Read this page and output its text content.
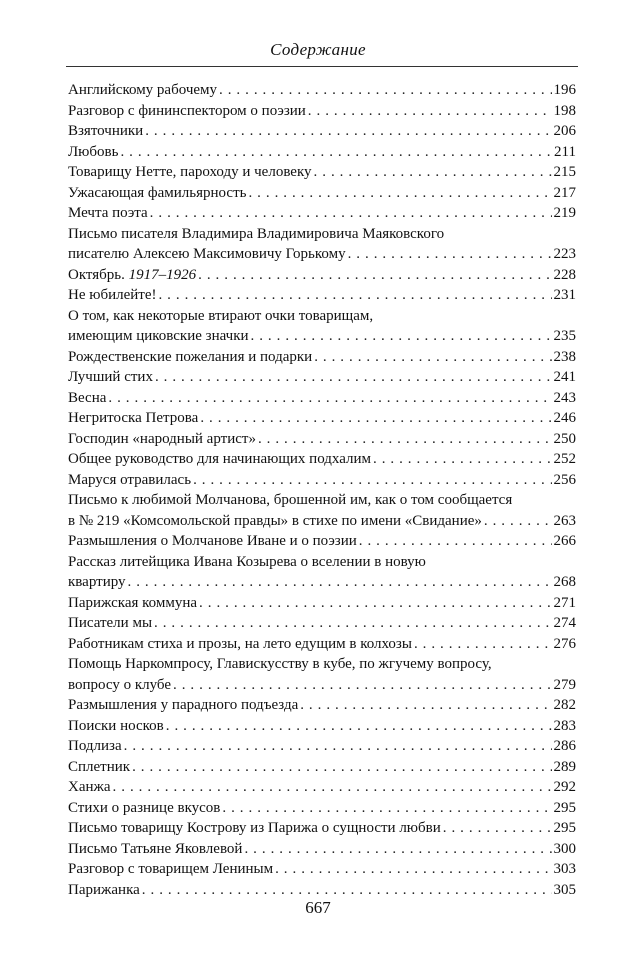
Содержание
Английскому рабочему . . .	196
Разговор с фининспектором о поэзии . . .	198
Взяточники . . .	206
Любовь . . .	211
Товарищу Нетте, пароходу и человеку . . .	215
Ужасающая фамильярность . . .	217
Мечта поэта . . .	219
Письмо писателя Владимира Владимировича Маяковского
писателю Алексею Максимовичу Горькому . . .	223
Октябрь. 1917–1926 . . .	228
Не юбилейте! . . .	231
О том, как некоторые втирают очки товарищам,
имеющим циковские значки . . .	235
Рождественские пожелания и подарки . . .	238
Лучший стих . . .	241
Весна . . .	243
Негритоска Петрова . . .	246
Господин «народный артист» . . .	250
Общее руководство для начинающих подхалим . . .	252
Маруся отравилась . . .	256
Письмо к любимой Молчанова, брошенной им, как о том сообщается
в № 219 «Комсомольской правды» в стихе по имени «Свидание» . . .	263
Размышления о Молчанове Иване и о поэзии . . .	266
Рассказ литейщика Ивана Козырева о вселении в новую
квартиру . . .	268
Парижская коммуна . . .	271
Писатели мы . . .	274
Работникам стиха и прозы, на лето едущим в колхозы . . .	276
Помощь Наркомпросу, Главискусству в кубе, по жгучему вопросу,
вопросу о клубе . . .	279
Размышления у парадного подъезда . . .	282
Поиски носков . . .	283
Подлиза . . .	286
Сплетник . . .	289
Ханжа . . .	292
Стихи о разнице вкусов . . .	295
Письмо товарищу Кострову из Парижа о сущности любви . . .	295
Письмо Татьяне Яковлевой . . .	300
Разговор с товарищем Лениным . . .	303
Парижанка . . .	305
667
